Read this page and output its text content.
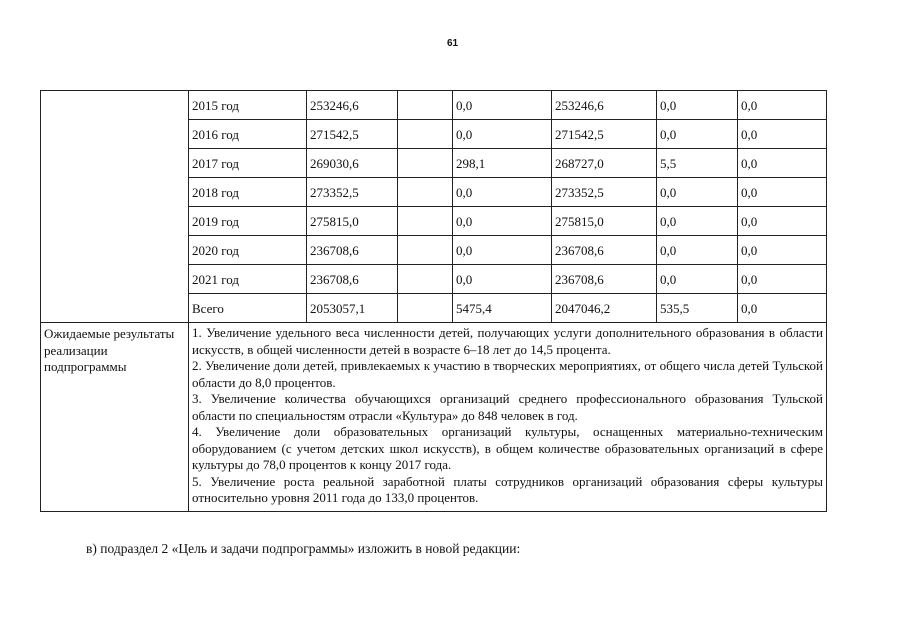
61
	2015 год	253246,6		0,0	253246,6	0,0	0,0
	2016 год	271542,5		0,0	271542,5	0,0	0,0
	2017 год	269030,6		298,1	268727,0	5,5	0,0
	2018 год	273352,5		0,0	273352,5	0,0	0,0
	2019 год	275815,0		0,0	275815,0	0,0	0,0
	2020 год	236708,6		0,0	236708,6	0,0	0,0
	2021 год	236708,6		0,0	236708,6	0,0	0,0
	Всего	2053057,1		5475,4	2047046,2	535,5	0,0
Ожидаемые результаты реализации подпрограммы	1. Увеличение удельного веса численности детей, получающих услуги дополнительного образования в области искусств, в общей численности детей в возрасте 6–18 лет до 14,5 процента.

2. Увеличение доли детей, привлекаемых к участию в творческих мероприятиях, от общего числа детей Тульской области до 8,0 процентов.

3. Увеличение количества обучающихся организаций среднего профессионального образования Тульской области по специальностям отрасли «Культура» до 848 человек в год.

4. Увеличение доли образовательных организаций культуры, оснащенных материально-техническим оборудованием (с учетом детских школ искусств), в общем количестве образовательных организаций в сфере культуры до 78,0 процентов к концу 2017 года.

5. Увеличение роста реальной заработной платы сотрудников организаций образования сферы культуры относительно уровня 2011 года до 133,0 процентов.						

в) подраздел 2 «Цель и задачи подпрограммы» изложить в новой редакции:
